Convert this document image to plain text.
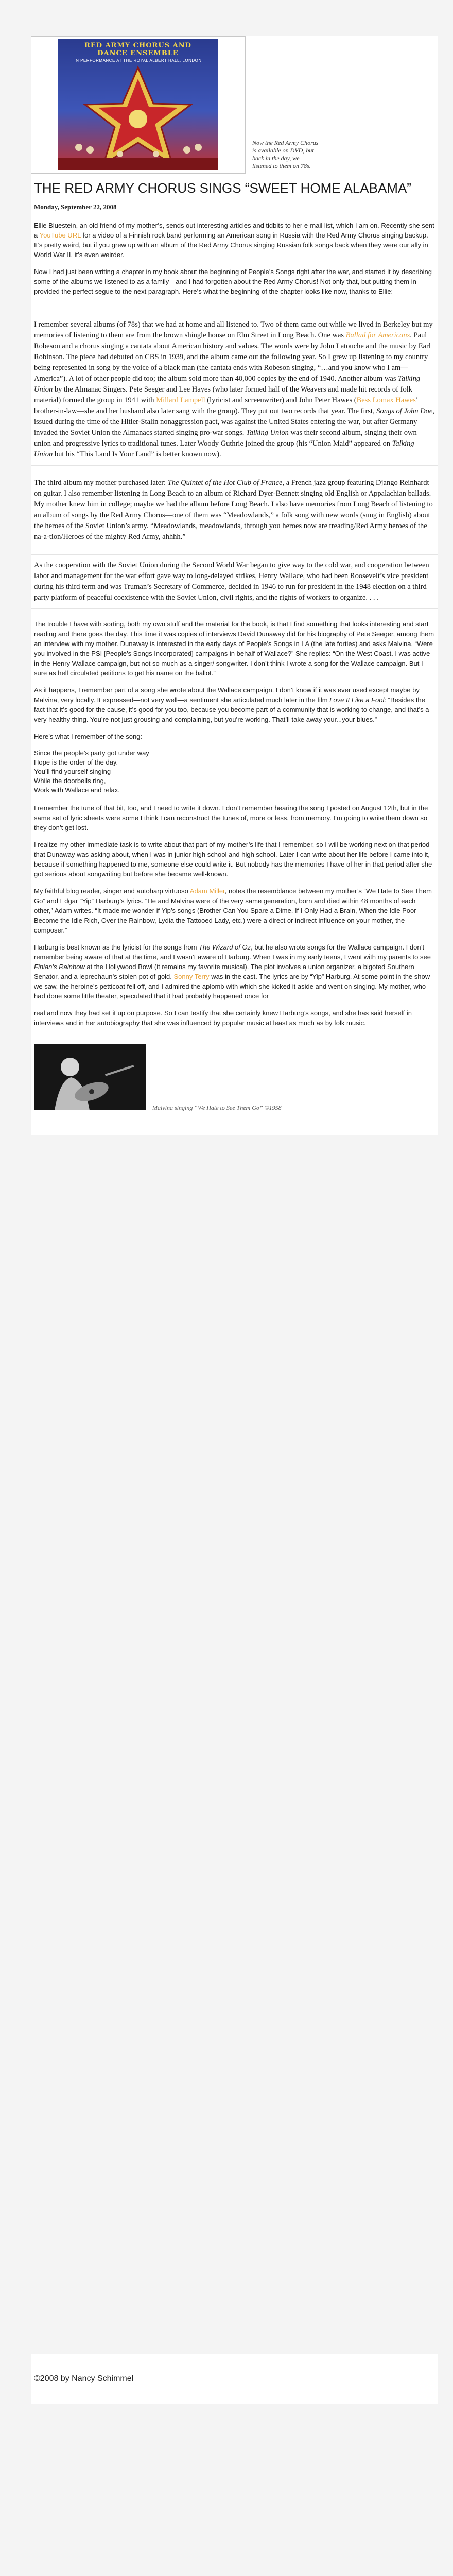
RED ARMY CHORUS AND
DANCE ENSEMBLE
IN PERFORMANCE AT THE ROYAL ALBERT HALL, LONDON
Now the Red Army Chorus is available on DVD, but back in the day, we listened to them on 78s.
THE RED ARMY CHORUS SINGS “SWEET HOME ALABAMA”
Monday, September 22, 2008

Ellie Bluestein, an old friend of my mother’s, sends out interesting articles and tidbits to her e-mail list, which I am on. Recently she sent a YouTube URL for a video of a Finnish rock band performing an American song in Russia with the Red Army Chorus singing backup. It’s pretty weird, but if you grew up with an album of the Red Army Chorus singing Russian folk songs back when they were our ally in World War II, it’s even weirder.

Now I had just been writing a chapter in my book about the beginning of People’s Songs right after the war, and started it by describing some of the albums we listened to as a family—and I had forgotten about the Red Army Chorus! Not only that, but putting them in provided the perfect segue to the next paragraph. Here’s what the beginning of the chapter looks like now, thanks to Ellie:

I remember several albums (of 78s) that we had at home and all listened to. Two of them came out while we lived in Berkeley but my memories of listening to them are from the brown shingle house on Elm Street in Long Beach. One was Ballad for Americans. Paul Robeson and a chorus singing a cantata about American history and values. The words were by John Latouche and the music by Earl Robinson. The piece had debuted on CBS in 1939, and the album came out the following year. So I grew up listening to my country being represented in song by the voice of a black man (the cantata ends with Robeson singing, “…and you know who I am—America”). A lot of other people did too; the album sold more than 40,000 copies by the end of 1940. Another album was Talking Union by the Almanac Singers. Pete Seeger and Lee Hayes (who later formed half of the Weavers and made hit records of folk material) formed the group in 1941 with Millard Lampell (lyricist and screenwriter) and John Peter Hawes (Bess Lomax Hawes' brother-in-law—she and her husband also later sang with the group). They put out two records that year. The first, Songs of John Doe, issued during the time of the Hitler-Stalin nonaggression pact, was against the United States entering the war, but after Germany invaded the Soviet Union the Almanacs started singing pro-war songs. Talking Union was their second album, singing their own union and progressive lyrics to traditional tunes. Later Woody Guthrie joined the group (his “Union Maid” appeared on Talking Union but his “This Land Is Your Land” is better known now).
The third album my mother purchased later: The Quintet of the Hot Club of France, a French jazz group featuring Django Reinhardt on guitar. I also remember listening in Long Beach to an album of Richard Dyer-Bennett singing old English or Appalachian ballads. My mother knew him in college; maybe we had the album before Long Beach. I also have memories from Long Beach of listening to an album of songs by the Red Army Chorus—one of them was “Meadowlands,” a folk song with new words (sung in English) about the heroes of the Soviet Union’s army. “Meadowlands, meadowlands, through you heroes now are treading/Red Army heroes of the na-a-tion/Heroes of the mighty Red Army, ahhhh.”
As the cooperation with the Soviet Union during the Second World War began to give way to the cold war, and cooperation between labor and management for the war effort gave way to long-delayed strikes, Henry Wallace, who had been Roosevelt’s vice president during his third term and was Truman’s Secretary of Commerce, decided in 1946 to run for president in the 1948 election on a third party platform of peaceful coexistence with the Soviet Union, civil rights, and the rights of workers to organize. . . .

The trouble I have with sorting, both my own stuff and the material for the book, is that I find something that looks interesting and start reading and there goes the day. This time it was copies of interviews David Dunaway did for his biography of Pete Seeger, among them an interview with my mother. Dunaway is interested in the early days of People’s Songs in LA (the late forties) and asks Malvina, “Were you involved in the PSI [People’s Songs Incorporated] campaigns in behalf of Wallace?” She replies: “On the West Coast. I was active in the Henry Wallace campaign, but not so much as a singer/ songwriter. I don’t think I wrote a song for the Wallace campaign. But I sure as hell circulated petitions to get his name on the ballot.”

As it happens, I remember part of a song she wrote about the Wallace campaign. I don’t know if it was ever used except maybe by Malvina, very locally. It expressed—not very well—a sentiment she articulated much later in the film Love It Like a Fool: “Besides the fact that it’s good for the cause, it’s good for you too, because you become part of a community that is working to change, and that’s a very healthy thing. You’re not just grousing and complaining, but you’re working. That’ll take away your...your blues.”

Here’s what I remember of the song:

Since the people’s party got under way
Hope is the order of the day.
You’ll find yourself singing
While the doorbells ring,
Work with Wallace and relax.

I remember the tune of that bit, too, and I need to write it down. I don’t remember hearing the song I posted on August 12th, but in the same set of lyric sheets were some I think I can reconstruct the tunes of, more or less, from memory. I’m going to write them down so they don’t get lost.

I realize my other immediate task is to write about that part of my mother’s life that I remember, so I will be working next on that period that Dunaway was asking about, when I was in junior high school and high school. Later I can write about her life before I came into it, because if something happened to me, someone else could write it. But nobody has the memories I have of her in that period after she got serious about songwriting but before she became well-known.

My faithful blog reader, singer and autoharp virtuoso Adam Miller, notes the resemblance between my mother’s “We Hate to See Them Go” and Edgar “Yip” Harburg’s lyrics. “He and Malvina were of the very same generation, born and died within 48 months of each other,” Adam writes. “It made me wonder if Yip’s songs (Brother Can You Spare a Dime, If I Only Had a Brain, When the Idle Poor Become the Idle Rich, Over the Rainbow, Lydia the Tattooed Lady, etc.) were a direct or indirect influence on your mother, the composer.”

Harburg is best known as the lyricist for the songs from The Wizard of Oz, but he also wrote songs for the Wallace campaign. I don’t remember being aware of that at the time, and I wasn’t aware of Harburg. When I was in my early teens, I went with my parents to see Finian’s Rainbow at the Hollywood Bowl (it remains my favorite musical). The plot involves a union organizer, a bigoted Southern Senator, and a leprechaun’s stolen pot of gold. Sonny Terry was in the cast. The lyrics are by “Yip” Harburg. At some point in the show we saw, the heroine’s petticoat fell off, and I admired the aplomb with which she kicked it aside and went on singing. My mother, who had done some little theater, speculated that it had probably happened once for

real and now they had set it up on purpose. So I can testify that she certainly knew Harburg’s songs, and she has said herself in interviews and in her autobiography that she was influenced by popular music at least as much as by folk music.

Malvina singing “We Hate to See Them Go” ©1958
©2008 by Nancy Schimmel
